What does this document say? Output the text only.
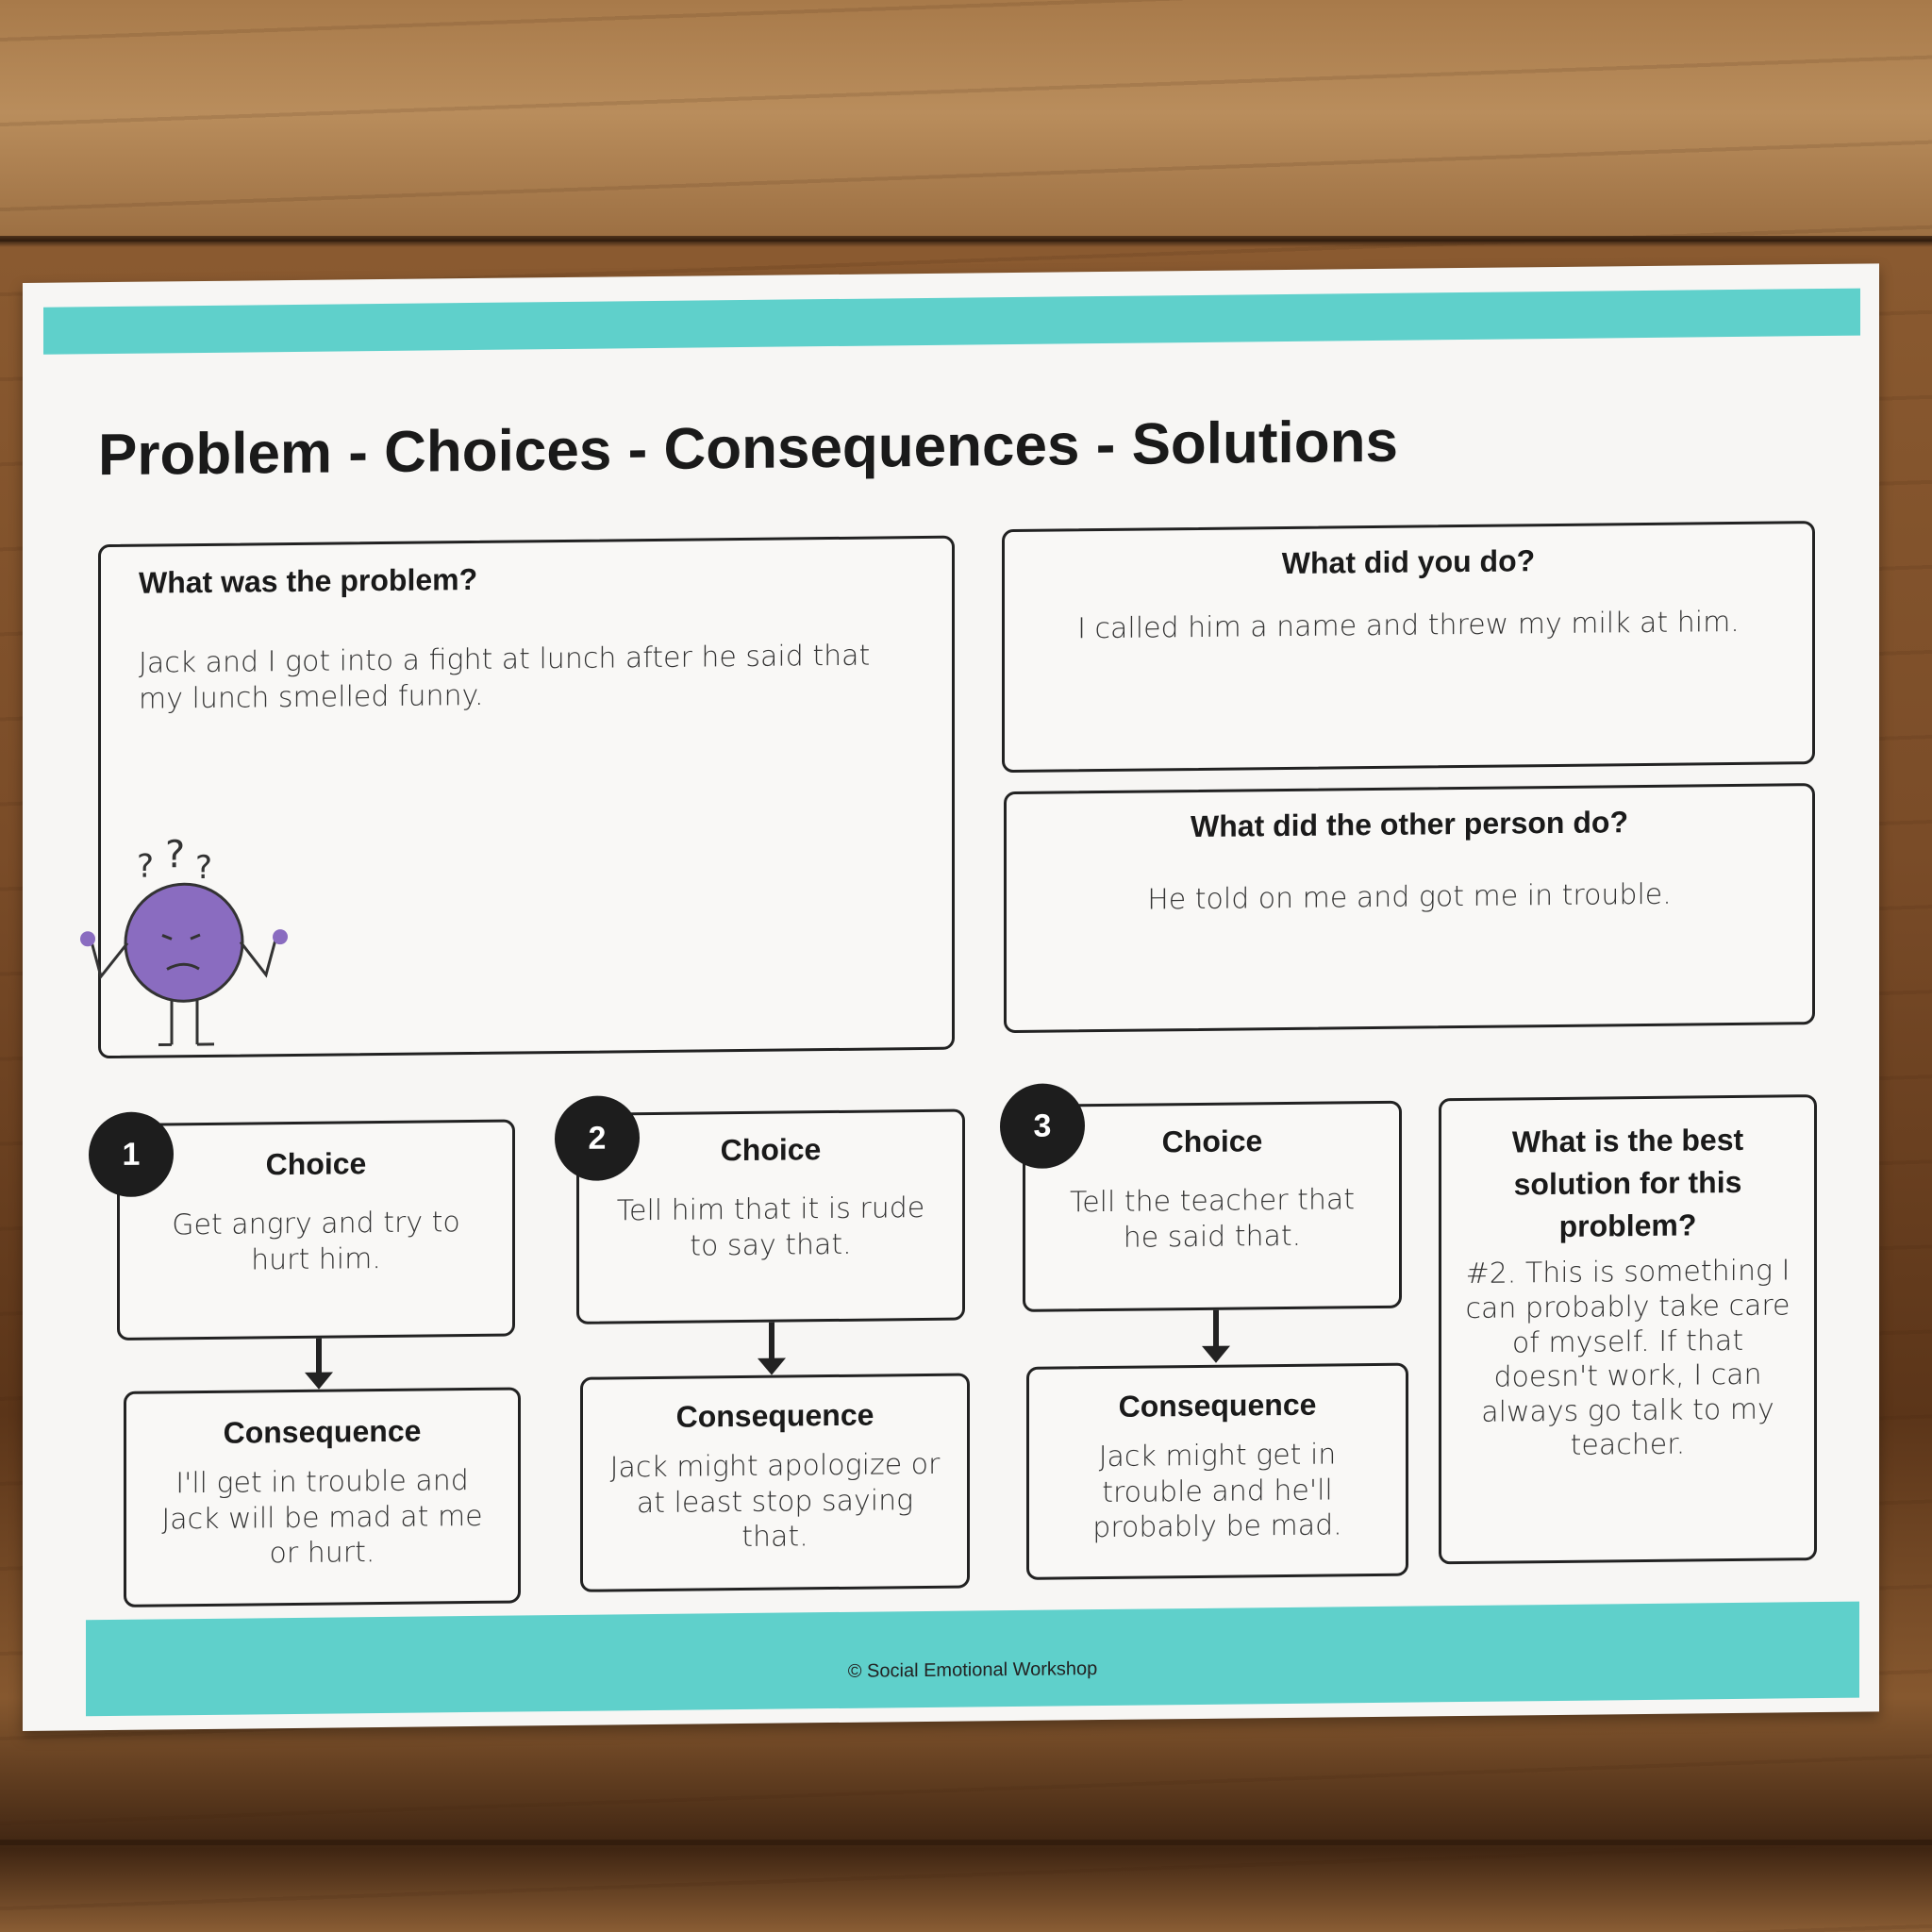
Problem - Choices - Consequences - Solutions
What was the problem?
Jack and I got into a fight at lunch after he said that my lunch smelled funny.
? ? ?
What did you do?
I called him a name and threw my milk at him.
What did the other person do?
He told on me and got me in trouble.
Choice
Get angry and try to hurt him.
1
Consequence
I'll get in trouble and Jack will be mad at me or hurt.
Choice
Tell him that it is rude to say that.
2
Consequence
Jack might apologize or at least stop saying that.
Choice
Tell the teacher that he said that.
3
Consequence
Jack might get in trouble and he'll probably be mad.
What is the best solution for this problem?
#2. This is something I can probably take care of myself. If that doesn't work, I can always go talk to my teacher.
© Social Emotional Workshop
